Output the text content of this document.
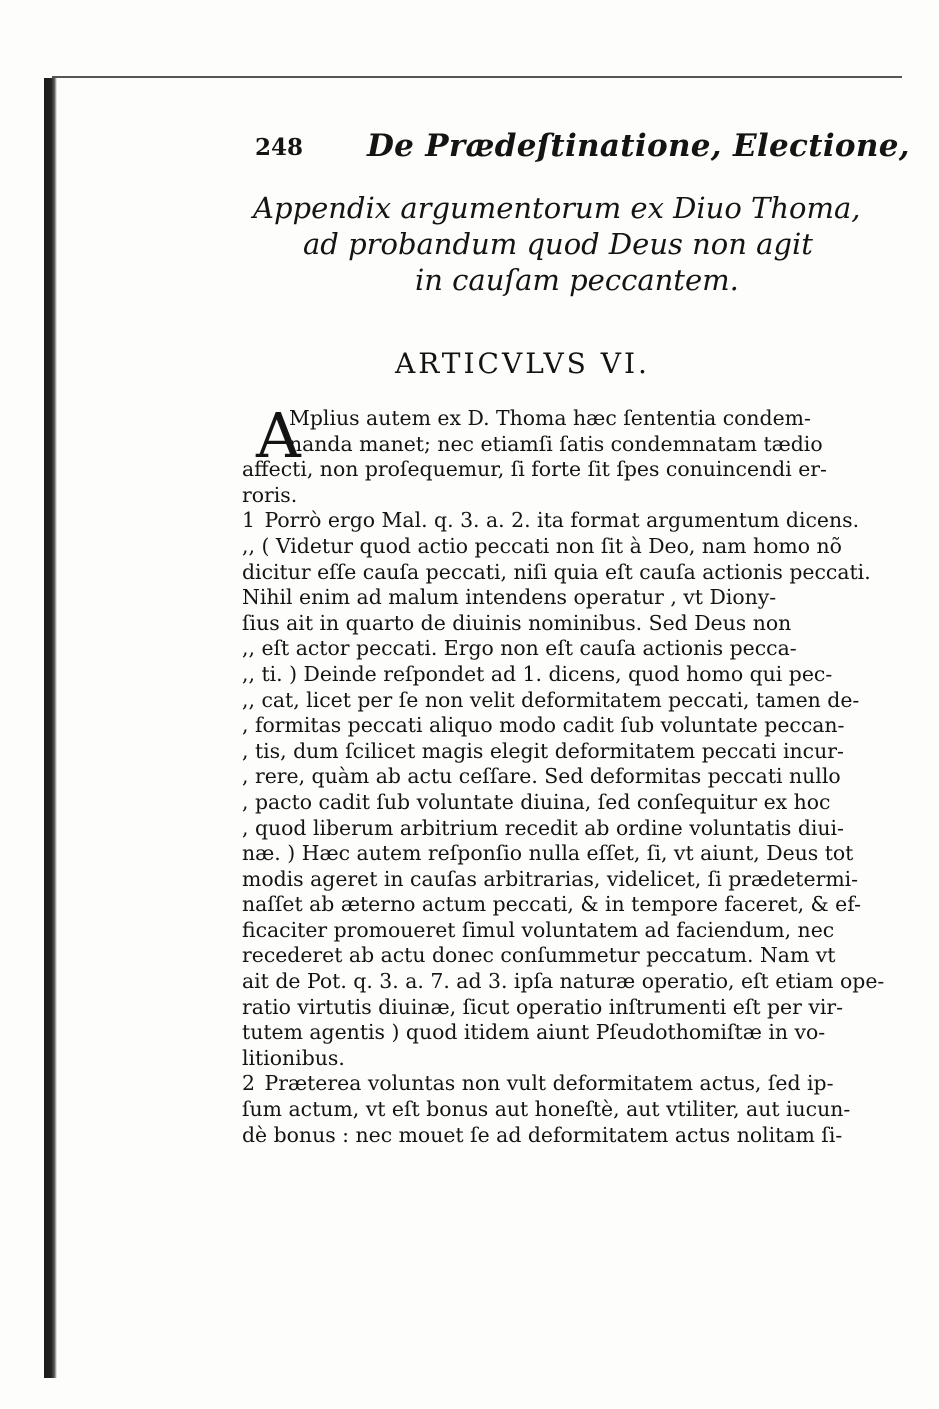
248 De Prædeſtinatione, Electione,
Appendix argumentorum ex Diuo Thoma,
ad probandum quod Deus non agit
in cauſam peccantem.
ARTICVLVS VI.
A
Mplius autem ex D. Thoma hæc ſententia condem-
nanda manet; nec etiamſi ſatis condemnatam tædio
affecti, non proſequemur, ſi forte ſit ſpes conuincendi er-
roris.
1 Porrò ergo Mal. q. 3. a. 2. ita format argumentum dicens.
,, ( Videtur quod actio peccati non ſit à Deo, nam homo nõ
dicitur eſſe cauſa peccati, niſi quia eſt cauſa actionis peccati.
Nihil enim ad malum intendens operatur , vt Diony-
ſius ait in quarto de diuinis nominibus. Sed Deus non
,, eſt actor peccati. Ergo non eſt cauſa actionis pecca-
,, ti. ) Deinde reſpondet ad 1. dicens, quod homo qui pec-
,, cat, licet per ſe non velit deformitatem peccati, tamen de-
, formitas peccati aliquo modo cadit ſub voluntate peccan-
, tis, dum ſcilicet magis elegit deformitatem peccati incur-
, rere, quàm ab actu ceſſare. Sed deformitas peccati nullo
, pacto cadit ſub voluntate diuina, ſed conſequitur ex hoc
, quod liberum arbitrium recedit ab ordine voluntatis diui-
næ. ) Hæc autem reſponſio nulla eſſet, ſi, vt aiunt, Deus tot
modis ageret in cauſas arbitrarias, videlicet, ſi prædetermi-
naſſet ab æterno actum peccati, & in tempore faceret, & ef-
ficaciter promoueret ſimul voluntatem ad faciendum, nec
recederet ab actu donec conſummetur peccatum. Nam vt
ait de Pot. q. 3. a. 7. ad 3. ipſa naturæ operatio, eſt etiam ope-
ratio virtutis diuinæ, ſicut operatio inſtrumenti eſt per vir-
tutem agentis ) quod itidem aiunt Pſeudothomiſtæ in vo-
litionibus.
2 Præterea voluntas non vult deformitatem actus, ſed ip-
ſum actum, vt eſt bonus aut honeſtè, aut vtiliter, aut iucun-
dè bonus : nec mouet ſe ad deformitatem actus nolitam ſi-
